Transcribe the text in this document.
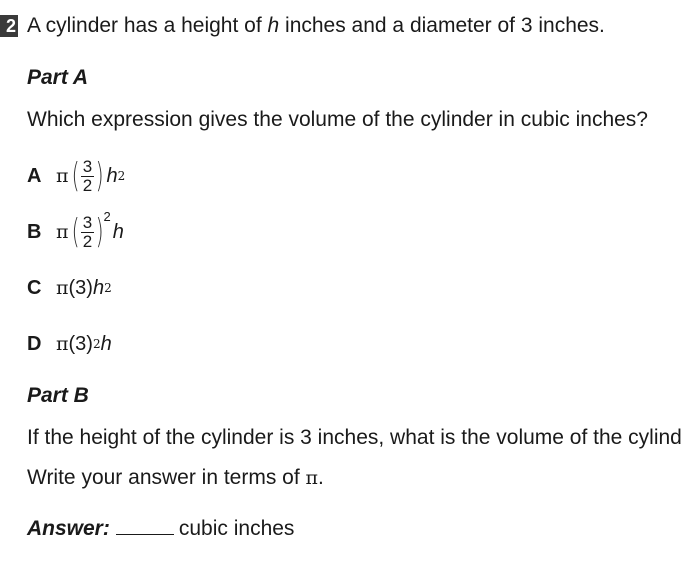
2 A cylinder has a height of h inches and a diameter of 3 inches.
Part A
Which expression gives the volume of the cylinder in cubic inches?
A π ( $\frac{3}{2}$ ) h 2
B π ( $\frac{3}{2}$ ) 2
h
C π (3) h 2
D π (3) 2 h
Part B
If the height of the cylinder is 3 inches, what is the volume of the cylind
Write your answer in terms of π.
Answer:	cubic inches
